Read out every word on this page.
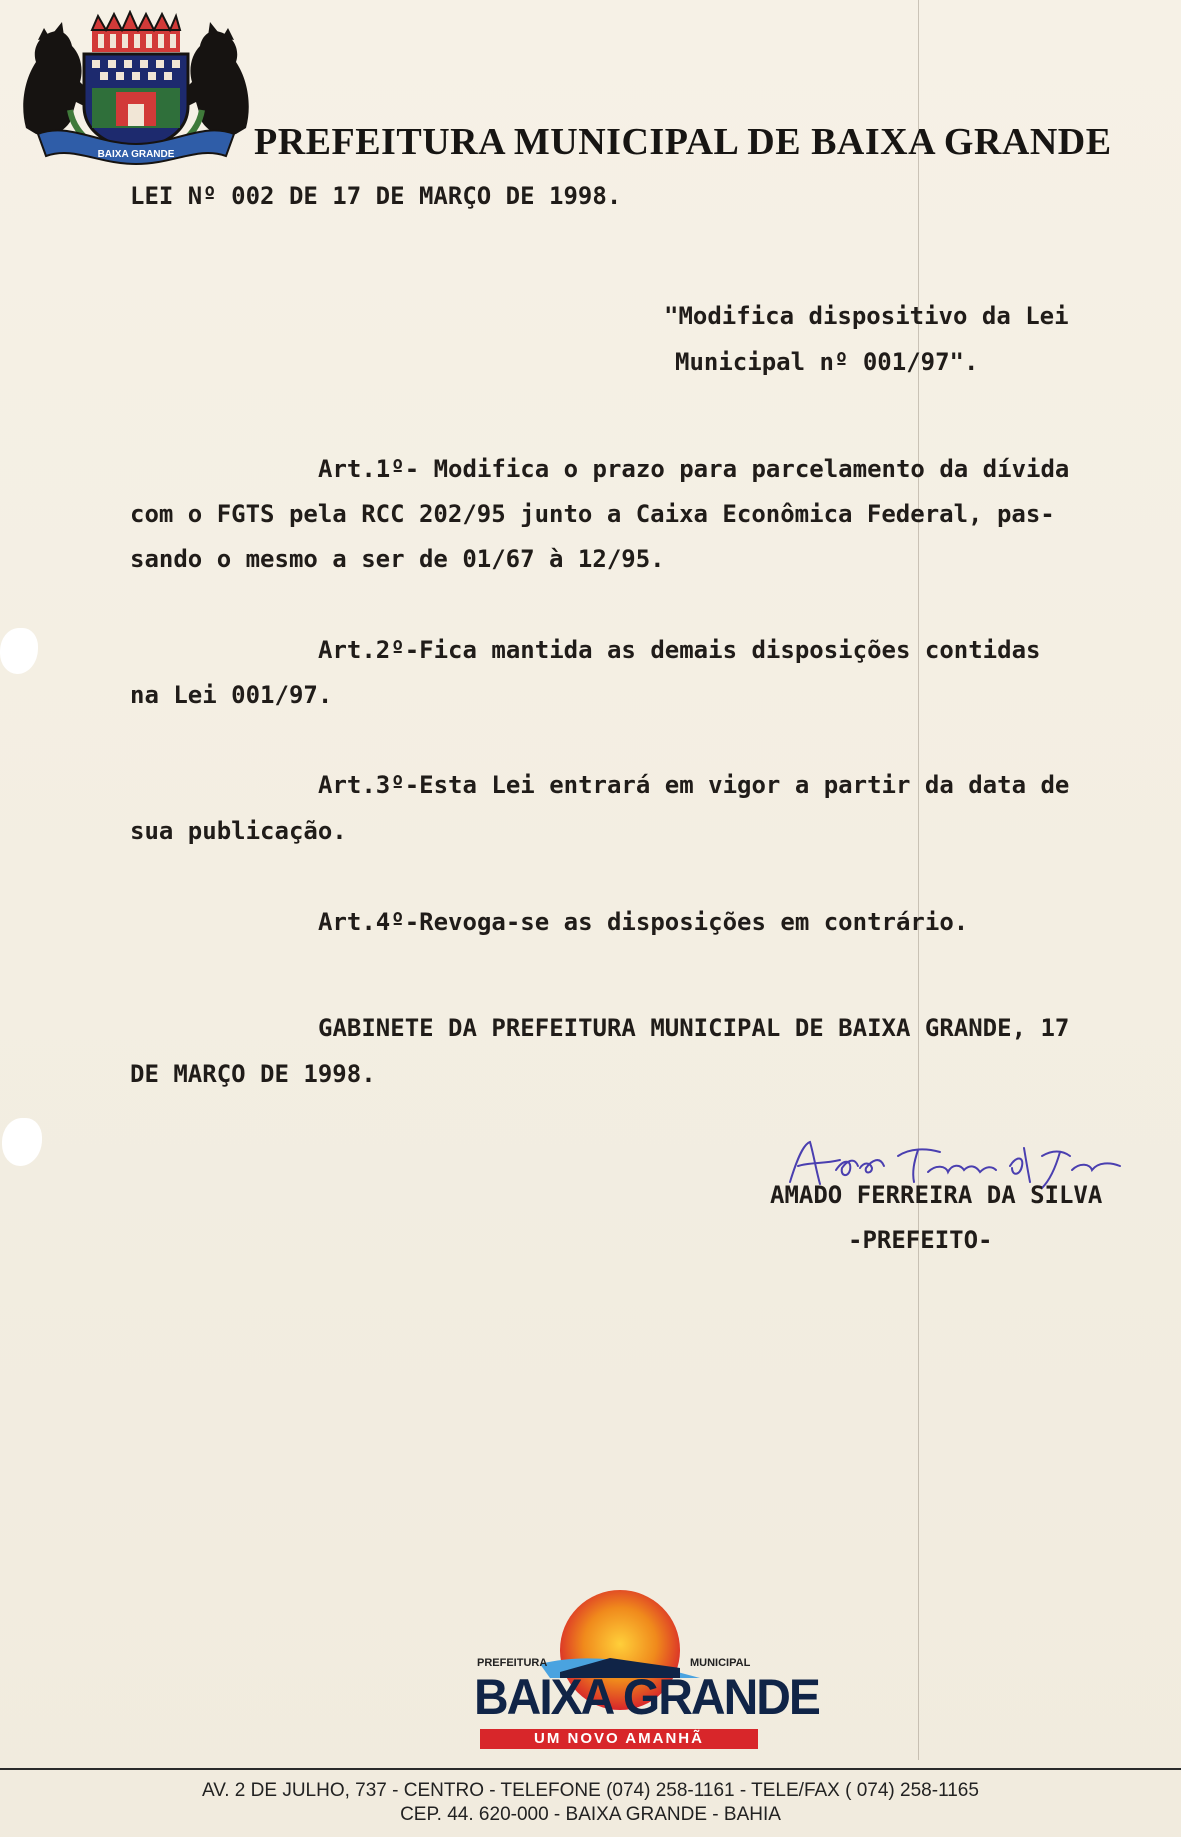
BAIXA GRANDE PREFEITURA MUNICIPAL DE BAIXA GRANDE
LEI Nº 002 DE 17 DE MARÇO DE 1998.
"Modifica dispositivo da Lei
Municipal nº 001/97".
Art.1º- Modifica o prazo para parcelamento da dívida
com o FGTS pela RCC 202/95 junto a Caixa Econômica Federal, pas-
sando o mesmo a ser de 01/67 à 12/95.
Art.2º-Fica mantida as demais disposições contidas
na Lei 001/97.
Art.3º-Esta Lei entrará em vigor a partir da data de
sua publicação.
Art.4º-Revoga-se as disposições em contrário.
GABINETE DA PREFEITURA MUNICIPAL DE BAIXA GRANDE, 17
DE MARÇO DE 1998.
AMADO FERREIRA DA SILVA
-PREFEITO-
PREFEITURA	MUNICIPAL
BAIXA GRANDE
UM NOVO AMANHÃ
AV. 2 DE JULHO, 737 - CENTRO - TELEFONE (074) 258-1161 - TELE/FAX ( 074) 258-1165
CEP. 44. 620-000 - BAIXA GRANDE - BAHIA
